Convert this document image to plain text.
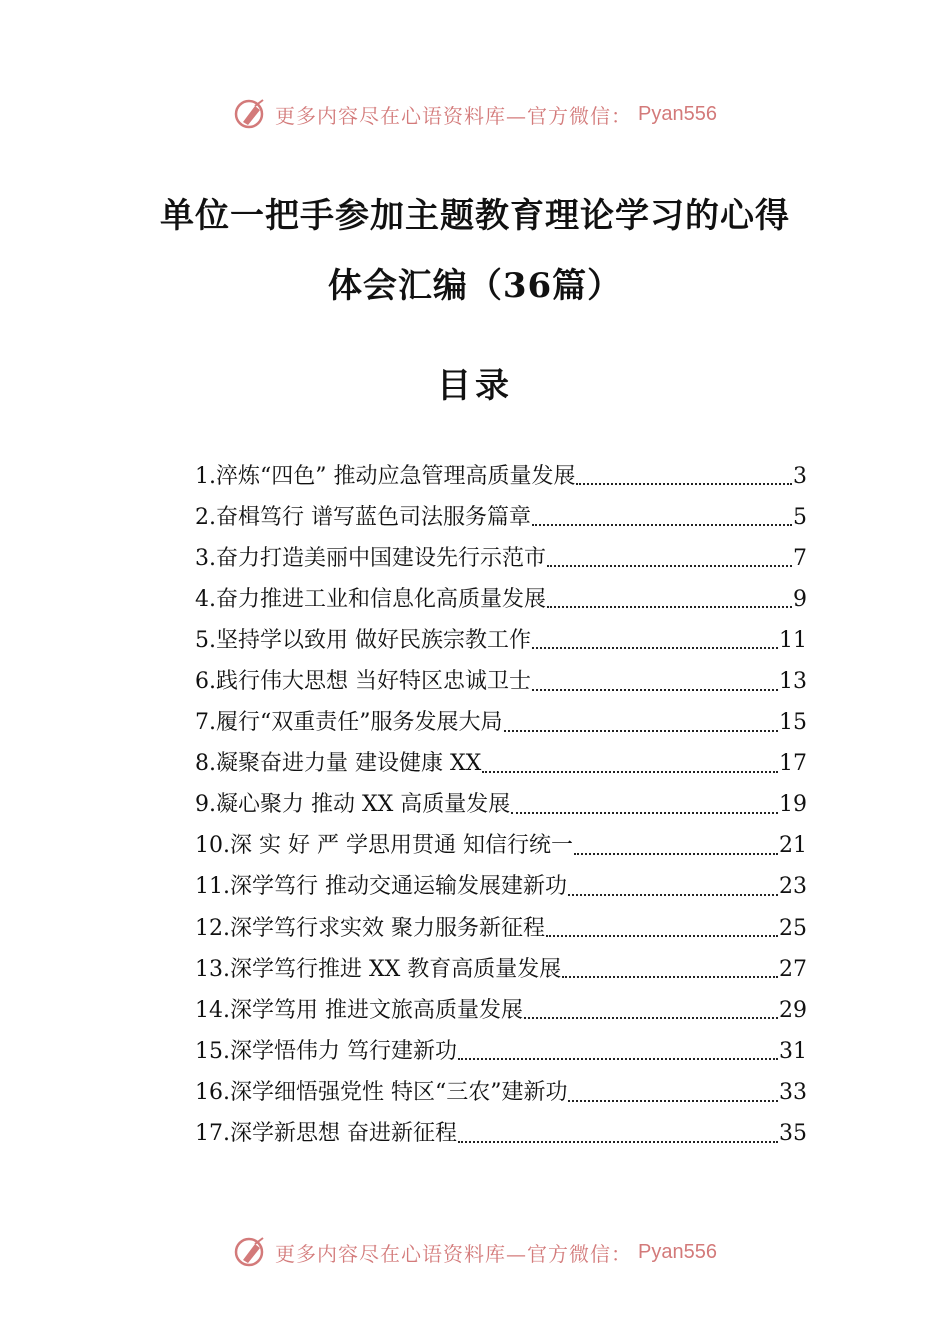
更多内容尽在心语资料库—官方微信： Pyan556
单位一把手参加主题教育理论学习的心得
体会汇编（36篇）
目录
1.淬炼“四色” 推动应急管理高质量发展	3
2.奋楫笃行 谱写蓝色司法服务篇章	5
3.奋力打造美丽中国建设先行示范市	7
4.奋力推进工业和信息化高质量发展	9
5.坚持学以致用 做好民族宗教工作	11
6.践行伟大思想 当好特区忠诚卫士	13
7.履行“双重责任”服务发展大局	15
8.凝聚奋进力量 建设健康 XX	17
9.凝心聚力 推动 XX 高质量发展	19
10.深 实 好 严 学思用贯通 知信行统一	21
11.深学笃行 推动交通运输发展建新功	23
12.深学笃行求实效 聚力服务新征程	25
13.深学笃行推进 XX 教育高质量发展	27
14.深学笃用 推进文旅高质量发展	29
15.深学悟伟力 笃行建新功	31
16.深学细悟强党性 特区“三农”建新功	33
17.深学新思想 奋进新征程	35
更多内容尽在心语资料库—官方微信： Pyan556
